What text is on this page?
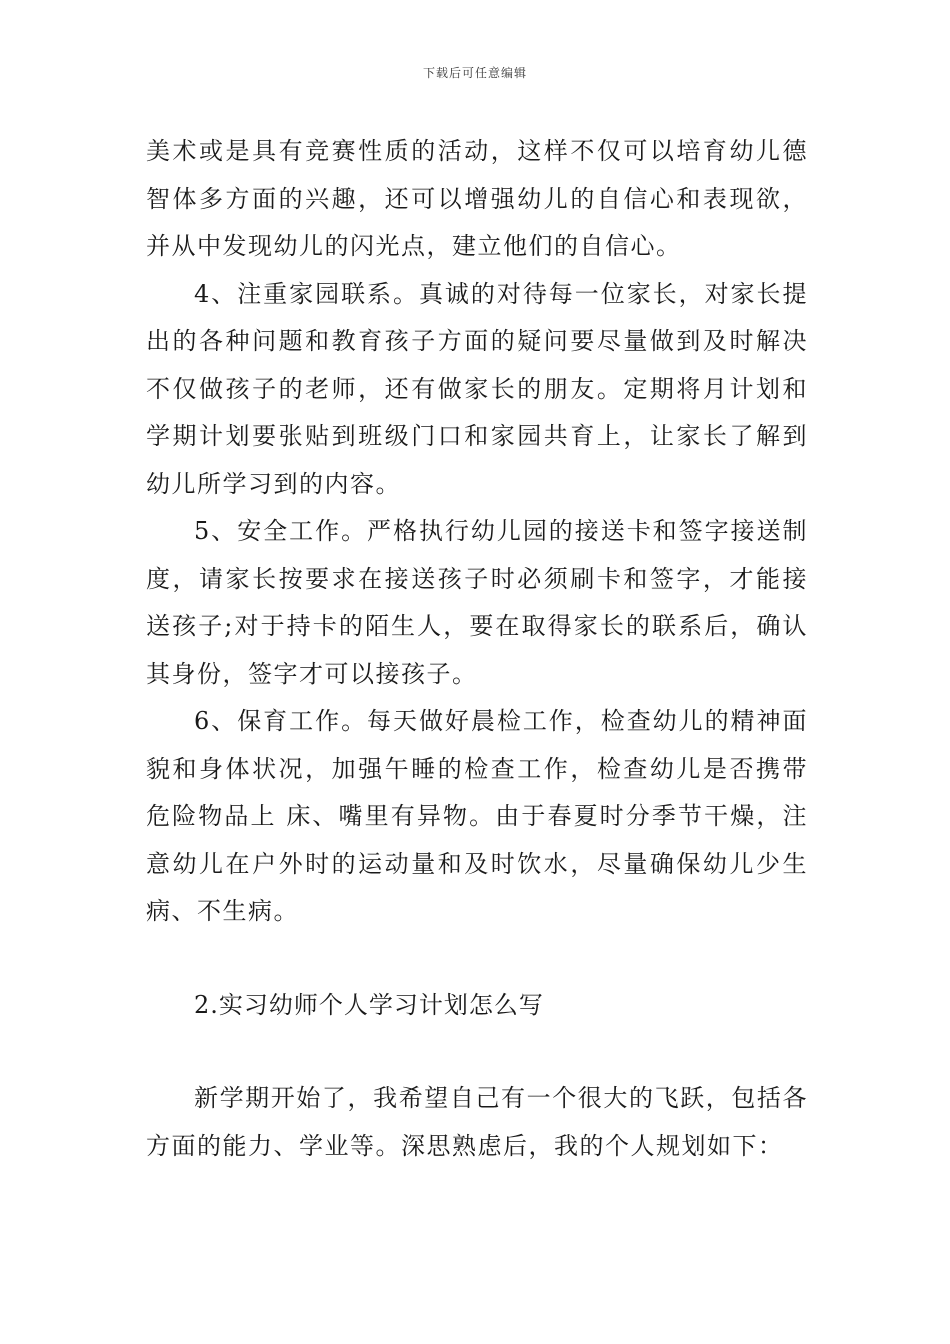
下载后可任意编辑

美术或是具有竞赛性质的活动，这样不仅可以培育幼儿德智体多方面的兴趣，还可以增强幼儿的自信心和表现欲，并从中发现幼儿的闪光点，建立他们的自信心。

4、注重家园联系。真诚的对待每一位家长，对家长提出的各种问题和教育孩子方面的疑问要尽量做到及时解决不仅做孩子的老师，还有做家长的朋友。定期将月计划和学期计划要张贴到班级门口和家园共育上，让家长了解到幼儿所学习到的内容。

5、安全工作。严格执行幼儿园的接送卡和签字接送制度，请家长按要求在接送孩子时必须刷卡和签字，才能接送孩子;对于持卡的陌生人，要在取得家长的联系后，确认其身份，签字才可以接孩子。

6、保育工作。每天做好晨检工作，检查幼儿的精神面貌和身体状况，加强午睡的检查工作，检查幼儿是否携带危险物品上 床、嘴里有异物。由于春夏时分季节干燥，注意幼儿在户外时的运动量和及时饮水，尽量确保幼儿少生病、不生病。

2.实习幼师个人学习计划怎么写

新学期开始了，我希望自己有一个很大的飞跃，包括各方面的能力、学业等。深思熟虑后，我的个人规划如下：
